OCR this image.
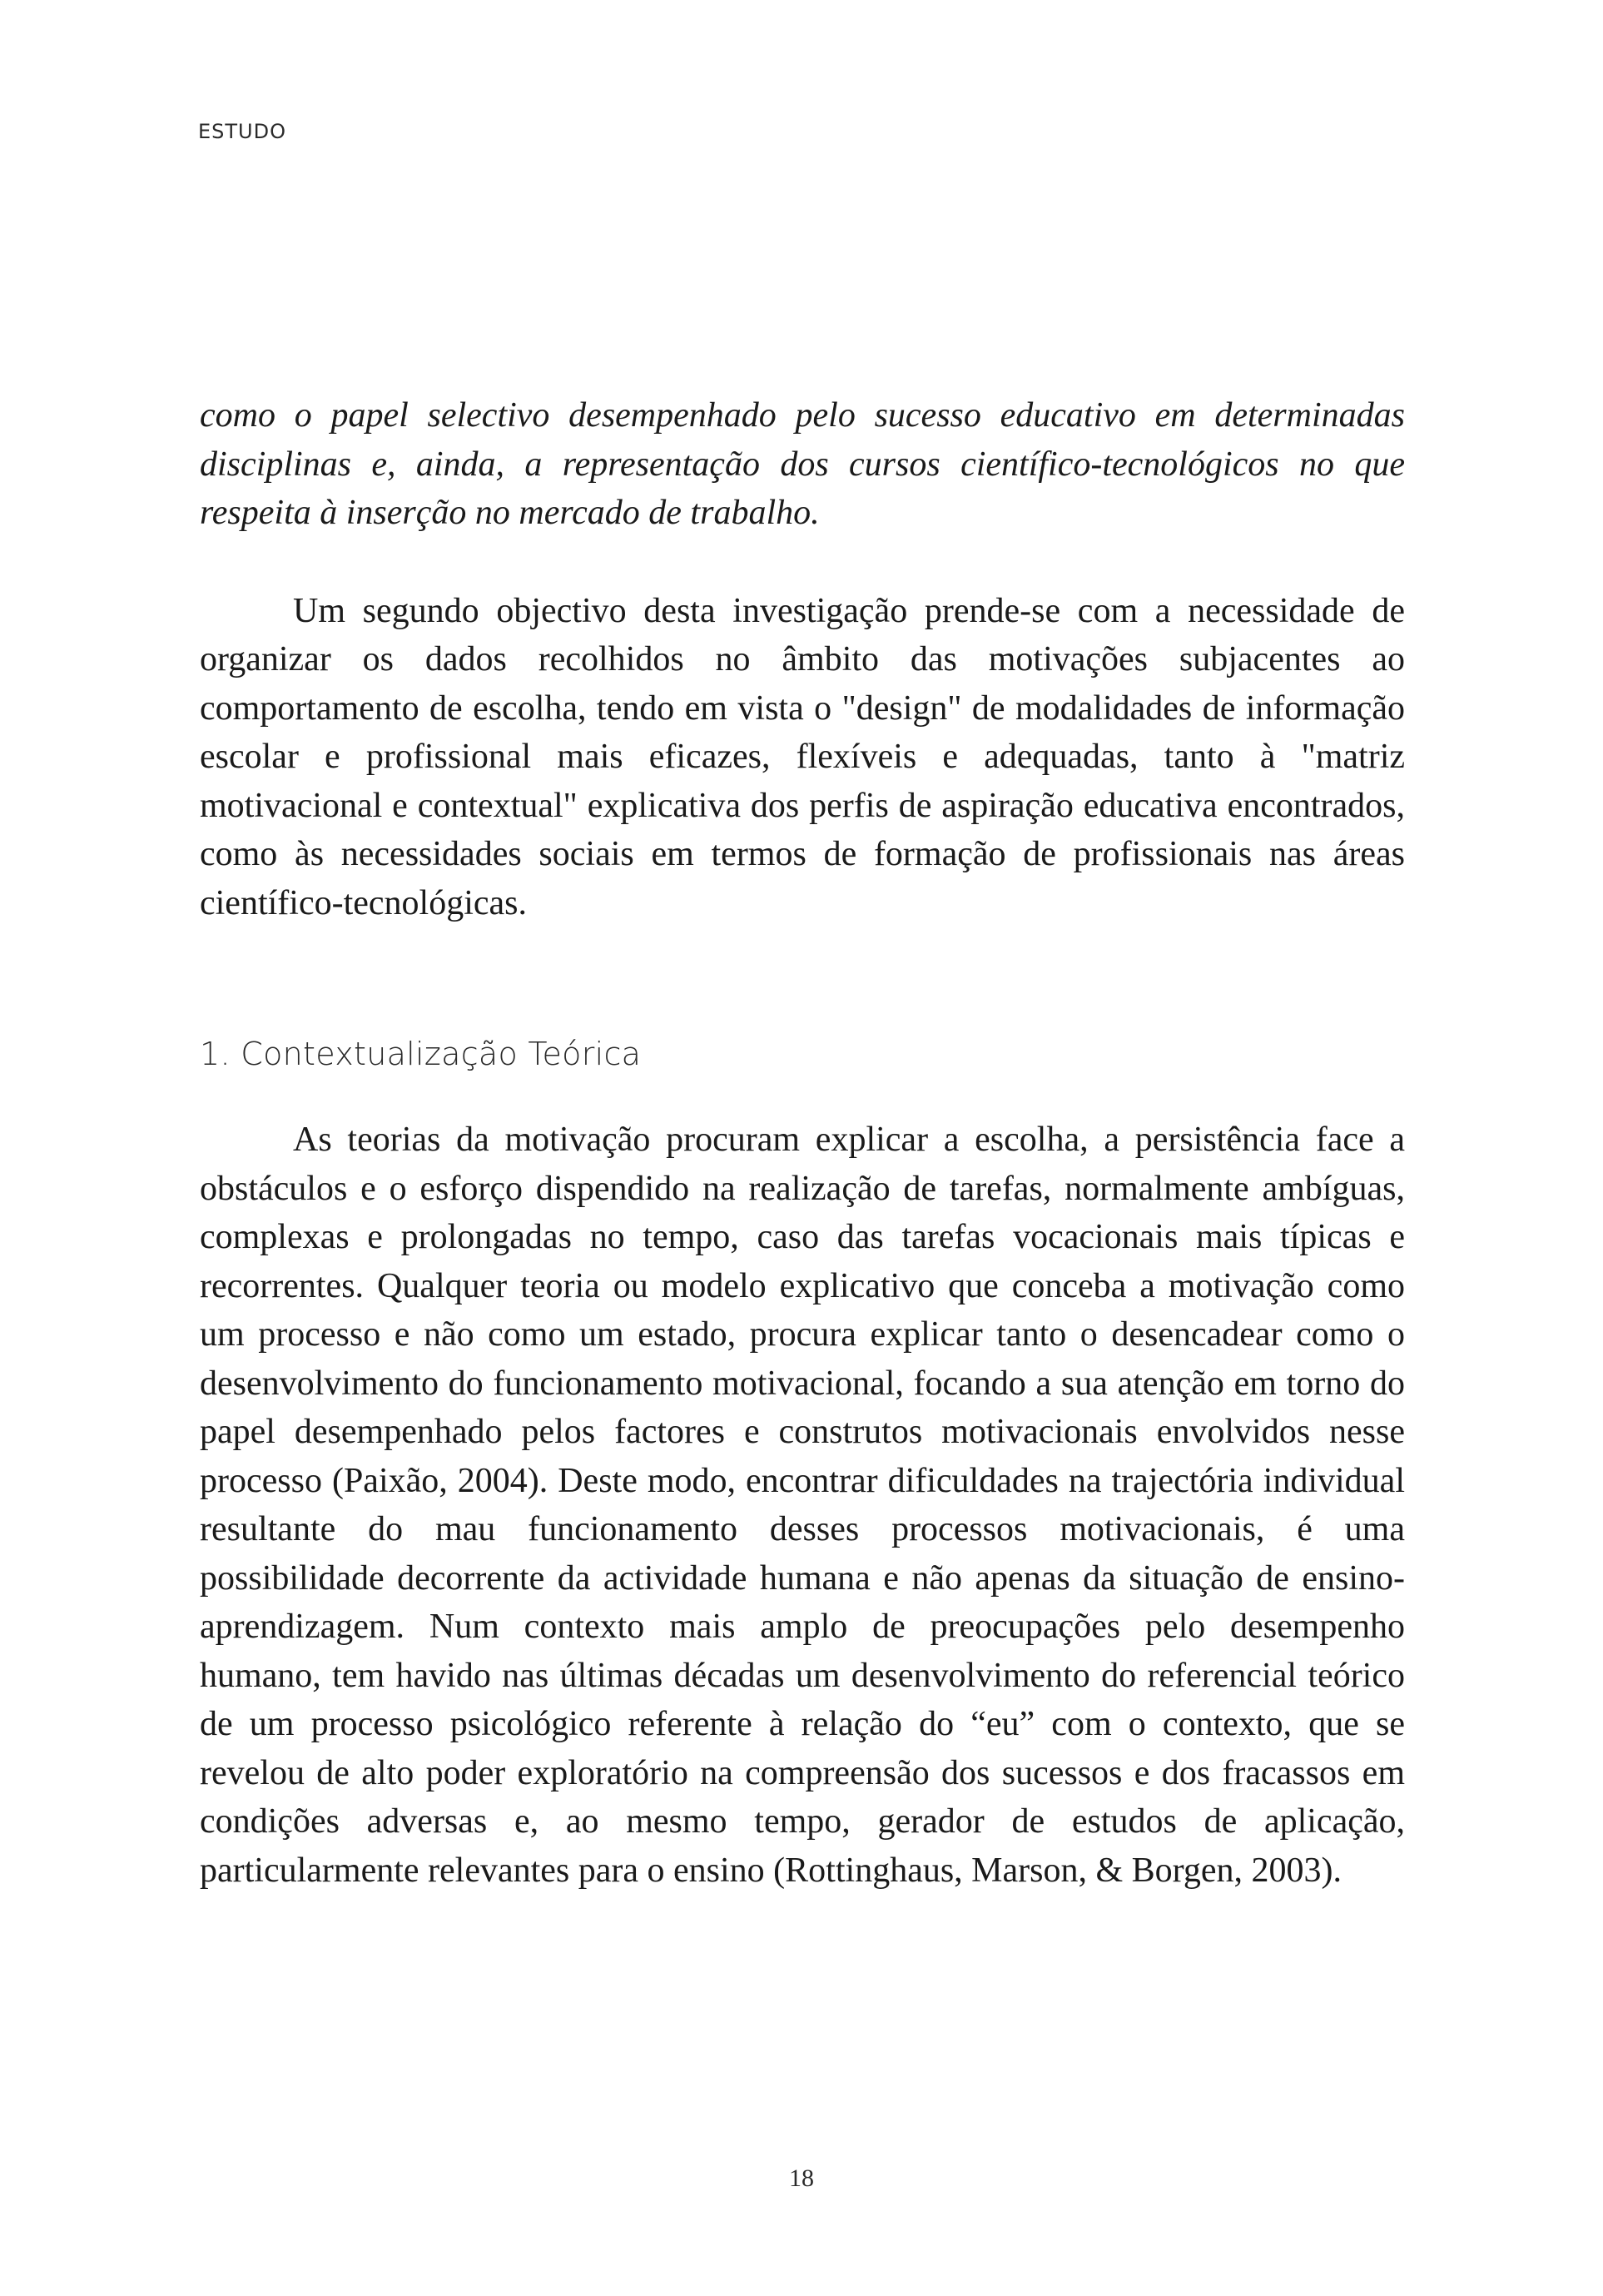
ESTUDO

como o papel selectivo desempenhado pelo sucesso educativo em determinadas disciplinas e, ainda, a representação dos cursos científico-tecnológicos no que respeita à inserção no mercado de trabalho.

Um segundo objectivo desta investigação prende-se com a necessidade de organizar os dados recolhidos no âmbito das motivações subjacentes ao comportamento de escolha, tendo em vista o "design" de modalidades de informação escolar e profissional mais eficazes, flexíveis e adequadas, tanto à "matriz motivacional e contextual" explicativa dos perfis de aspiração educativa encontrados, como às necessidades sociais em termos de formação de profissionais nas áreas científico-tecnológicas.

1. Contextualização Teórica

As teorias da motivação procuram explicar a escolha, a persistência face a obstáculos e o esforço dispendido na realização de tarefas, normalmente ambíguas, complexas e prolongadas no tempo, caso das tarefas vocacionais mais típicas e recorrentes. Qualquer teoria ou modelo explicativo que conceba a motivação como um processo e não como um estado, procura explicar tanto o desencadear como o desenvolvimento do funcionamento motivacional, focando a sua atenção em torno do papel desempenhado pelos factores e construtos motivacionais envolvidos nesse processo (Paixão, 2004). Deste modo, encontrar dificuldades na trajectória individual resultante do mau funcionamento desses processos motivacionais, é uma possibilidade decorrente da actividade humana e não apenas da situação de ensino-aprendizagem. Num contexto mais amplo de preocupações pelo desempenho humano, tem havido nas últimas décadas um desenvolvimento do referencial teórico de um processo psicológico referente à relação do “eu” com o contexto, que se revelou de alto poder exploratório na compreensão dos sucessos e dos fracassos em condições adversas e, ao mesmo tempo, gerador de estudos de aplicação, particularmente relevantes para o ensino (Rottinghaus, Marson, & Borgen, 2003).

18
